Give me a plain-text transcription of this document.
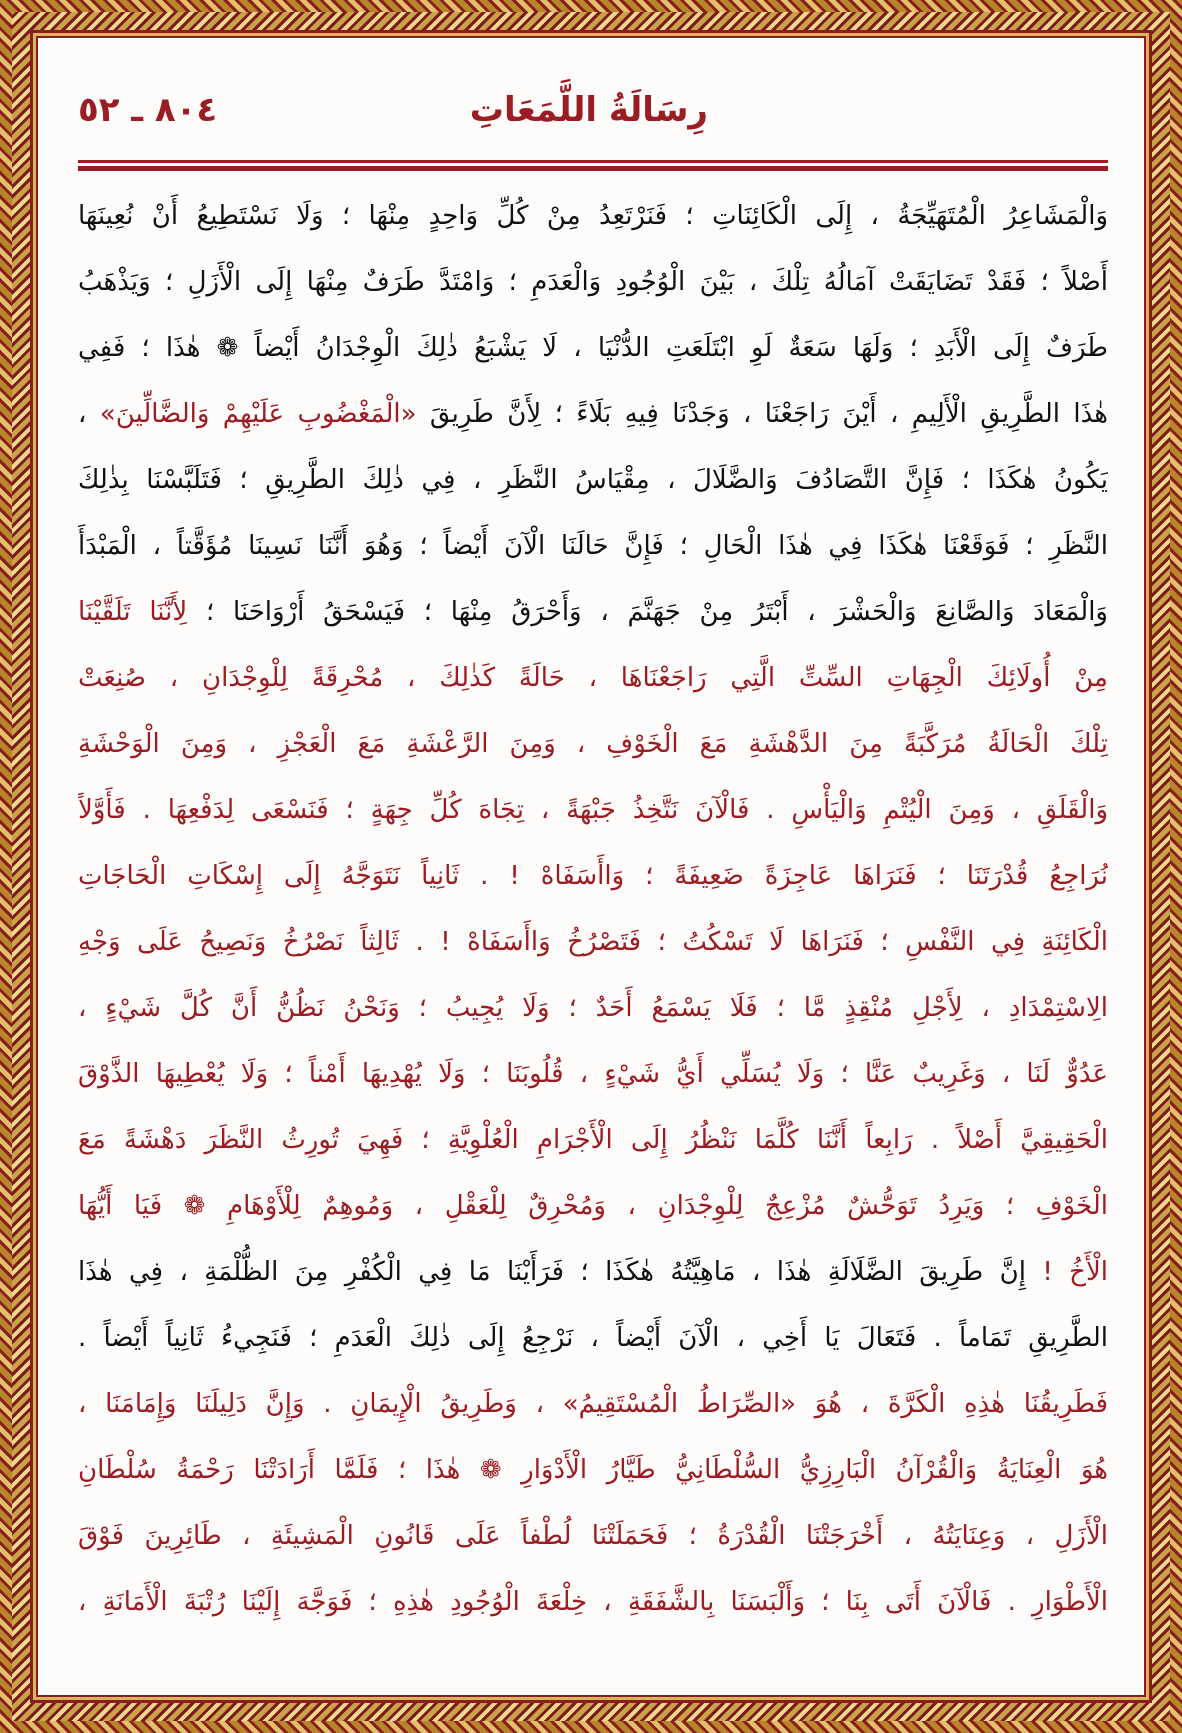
رِسَالَةُ اللَّمَعَاتِ
٨٠٤ ـ ٥٢
وَالْمَشَاعِرُ الْمُتَهَيِّجَةُ ، إِلَى الْكَائِنَاتِ ؛ فَنَرْتَعِدُ مِنْ كُلِّ وَاحِدٍ مِنْهَا ؛ وَلَا نَسْتَطِيعُ أَنْ نُعِينَهَا
أَصْلاً ؛ فَقَدْ تَضَايَقَتْ آمَالُهُ تِلْكَ ، بَيْنَ الْوُجُودِ وَالْعَدَمِ ؛ وَامْتَدَّ طَرَفٌ مِنْهَا إِلَى الْأَزَلِ ؛ وَيَذْهَبُ
طَرَفٌ إِلَى الْأَبَدِ ؛ وَلَهَا سَعَةٌ لَوِ ابْتَلَعَتِ الدُّنْيَا ، لَا يَشْبَعُ ذٰلِكَ الْوِجْدَانُ أَيْضاً ❁ هٰذَا ؛ فَفِي
هٰذَا الطَّرِيقِ الْأَلِيمِ ، أَيْنَ رَاجَعْنَا ، وَجَدْنَا فِيهِ بَلَاءً ؛ لِأَنَّ طَرِيقَ «الْمَغْضُوبِ عَلَيْهِمْ وَالضَّالِّينَ» ،
يَكُونُ هٰكَذَا ؛ فَإِنَّ التَّصَادُفَ وَالضَّلَالَ ، مِقْيَاسُ النَّظَرِ ، فِي ذٰلِكَ الطَّرِيقِ ؛ فَتَلَبَّسْنَا بِذٰلِكَ
النَّظَرِ ؛ فَوَقَعْنَا هٰكَذَا فِي هٰذَا الْحَالِ ؛ فَإِنَّ حَالَنَا الْآنَ أَيْضاً ؛ وَهُوَ أَنَّنَا نَسِينَا مُؤَقَّتاً ، الْمَبْدَأَ
وَالْمَعَادَ وَالصَّانِعَ وَالْحَشْرَ ، أَبْتَرُ مِنْ جَهَنَّمَ ، وَأَحْرَقُ مِنْهَا ؛ فَيَسْحَقُ أَرْوَاحَنَا ؛ لِأَنَّنَا تَلَقَّيْنَا
مِنْ أُولَائِكَ الْجِهَاتِ السِّتِّ الَّتِي رَاجَعْنَاهَا ، حَالَةً كَذٰلِكَ ، مُحْرِقَةً لِلْوِجْدَانِ ، صُنِعَتْ
تِلْكَ الْحَالَةُ مُرَكَّبَةً مِنَ الدَّهْشَةِ مَعَ الْخَوْفِ ، وَمِنَ الرَّعْشَةِ مَعَ الْعَجْزِ ، وَمِنَ الْوَحْشَةِ
وَالْقَلَقِ ، وَمِنَ الْيُتْمِ وَالْيَأْسِ . فَالْآنَ نَتَّخِذُ جَبْهَةً ، تِجَاهَ كُلِّ جِهَةٍ ؛ فَنَسْعَى لِدَفْعِهَا . فَأَوَّلاً
نُرَاجِعُ قُدْرَتَنَا ؛ فَنَرَاهَا عَاجِزَةً ضَعِيفَةً ؛ وَاأَسَفَاهْ ! . ثَانِياً نَتَوَجَّهُ إِلَى إِسْكَاتِ الْحَاجَاتِ
الْكَائِنَةِ فِي النَّفْسِ ؛ فَنَرَاهَا لَا تَسْكُتُ ؛ فَتَصْرُخُ وَاأَسَفَاهْ ! . ثَالِثاً نَصْرُخُ وَنَصِيحُ عَلَى وَجْهِ
الِاسْتِمْدَادِ ، لِأَجْلِ مُنْقِذٍ مَّا ؛ فَلَا يَسْمَعُ أَحَدٌ ؛ وَلَا يُجِيبُ ؛ وَنَحْنُ نَظُنُّ أَنَّ كُلَّ شَيْءٍ ،
عَدُوٌّ لَنَا ، وَغَرِيبٌ عَنَّا ؛ وَلَا يُسَلِّي أَيُّ شَيْءٍ ، قُلُوبَنَا ؛ وَلَا يُهْدِيهَا أَمْناً ؛ وَلَا يُعْطِيهَا الذَّوْقَ
الْحَقِيقِيَّ أَصْلاً . رَابِعاً أَنَّنَا كُلَّمَا نَنْظُرُ إِلَى الْأَجْرَامِ الْعُلْوِيَّةِ ؛ فَهِيَ تُورِثُ النَّظَرَ دَهْشَةً مَعَ
الْخَوْفِ ؛ وَيَرِدُ تَوَحُّشٌ مُزْعِجٌ لِلْوِجْدَانِ ، وَمُحْرِقٌ لِلْعَقْلِ ، وَمُوهِمٌ لِلْأَوْهَامِ ❁ فَيَا أَيُّهَا
الْأَخُ ! إِنَّ طَرِيقَ الضَّلَالَةِ هٰذَا ، مَاهِيَّتُهُ هٰكَذَا ؛ فَرَأَيْنَا مَا فِي الْكُفْرِ مِنَ الظُّلْمَةِ ، فِي هٰذَا
الطَّرِيقِ تَمَاماً . فَتَعَالَ يَا أَخِي ، الْآنَ أَيْضاً ، نَرْجِعُ إِلَى ذٰلِكَ الْعَدَمِ ؛ فَنَجِيءُ ثَانِياً أَيْضاً .
فَطَرِيقُنَا هٰذِهِ الْكَرَّةَ ، هُوَ «الصِّرَاطُ الْمُسْتَقِيمُ» ، وَطَرِيقُ الْإِيمَانِ . وَإِنَّ دَلِيلَنَا وَإِمَامَنَا ،
هُوَ الْعِنَايَةُ وَالْقُرْآنُ الْبَارِزِيُّ السُّلْطَانِيُّ طَيَّارُ الْأَدْوَارِ ❁ هٰذَا ؛ فَلَمَّا أَرَادَتْنَا رَحْمَةُ سُلْطَانِ
الْأَزَلِ ، وَعِنَايَتُهُ ، أَخْرَجَتْنَا الْقُدْرَةُ ؛ فَحَمَلَتْنَا لُطْفاً عَلَى قَانُونِ الْمَشِيئَةِ ، طَائِرِينَ فَوْقَ
الْأَطْوَارِ . فَالْآنَ أَتَى بِنَا ؛ وَأَلْبَسَنَا بِالشَّفَقَةِ ، خِلْعَةَ الْوُجُودِ هٰذِهِ ؛ فَوَجَّهَ إِلَيْنَا رُتْبَةَ الْأَمَانَةِ ،
